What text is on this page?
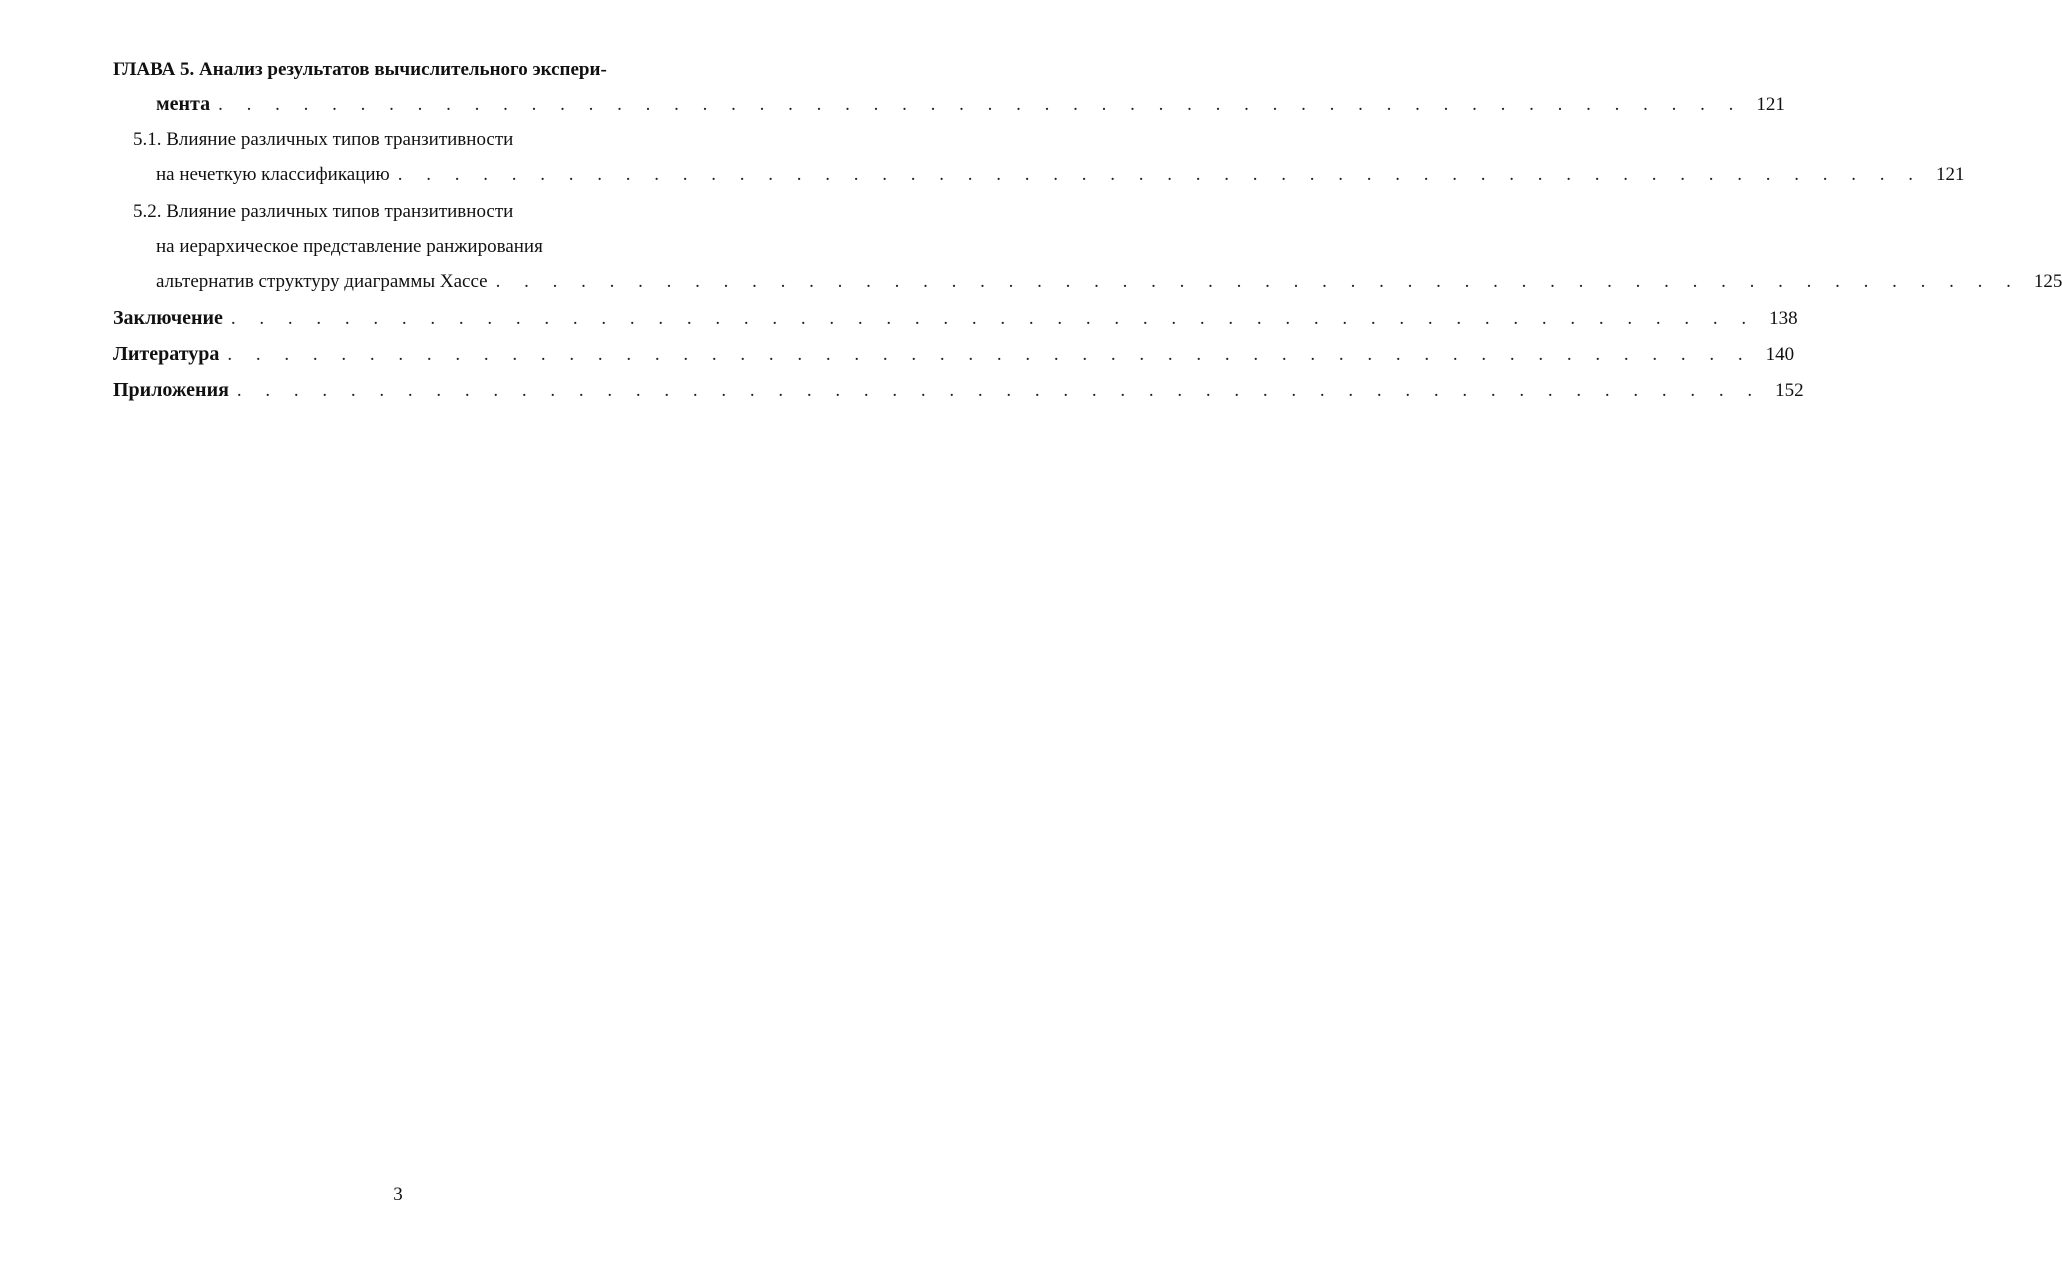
ГЛАВА 5. Анализ результатов вычислительного экспери-
мента . . . . . . . . . . . . . . . . . . . . . . . . . . . . . . . . . . . . . . . . . . . . . . . . . . . . . . 121
5.1. Влияние различных типов транзитивности
на нечеткую классификацию . . . . . . . . . . . . . . . . . . . . . . . . . . . . . . . . . . . . . . . . . . . . . . . . . . . . . . 121
5.2. Влияние различных типов транзитивности
на иерархическое представление ранжирования
альтернатив структуру диаграммы Хассе . . . . . . . . . . . . . . . . . . . . . . . . . . . . . . . . . . . . . . . . . . . . . . . . . . . . . . 125
Заключение . . . . . . . . . . . . . . . . . . . . . . . . . . . . . . . . . . . . . . . . . . . . . . . . . . . . . . 138
Литература . . . . . . . . . . . . . . . . . . . . . . . . . . . . . . . . . . . . . . . . . . . . . . . . . . . . . . 140
Приложения . . . . . . . . . . . . . . . . . . . . . . . . . . . . . . . . . . . . . . . . . . . . . . . . . . . . . . 152
3
